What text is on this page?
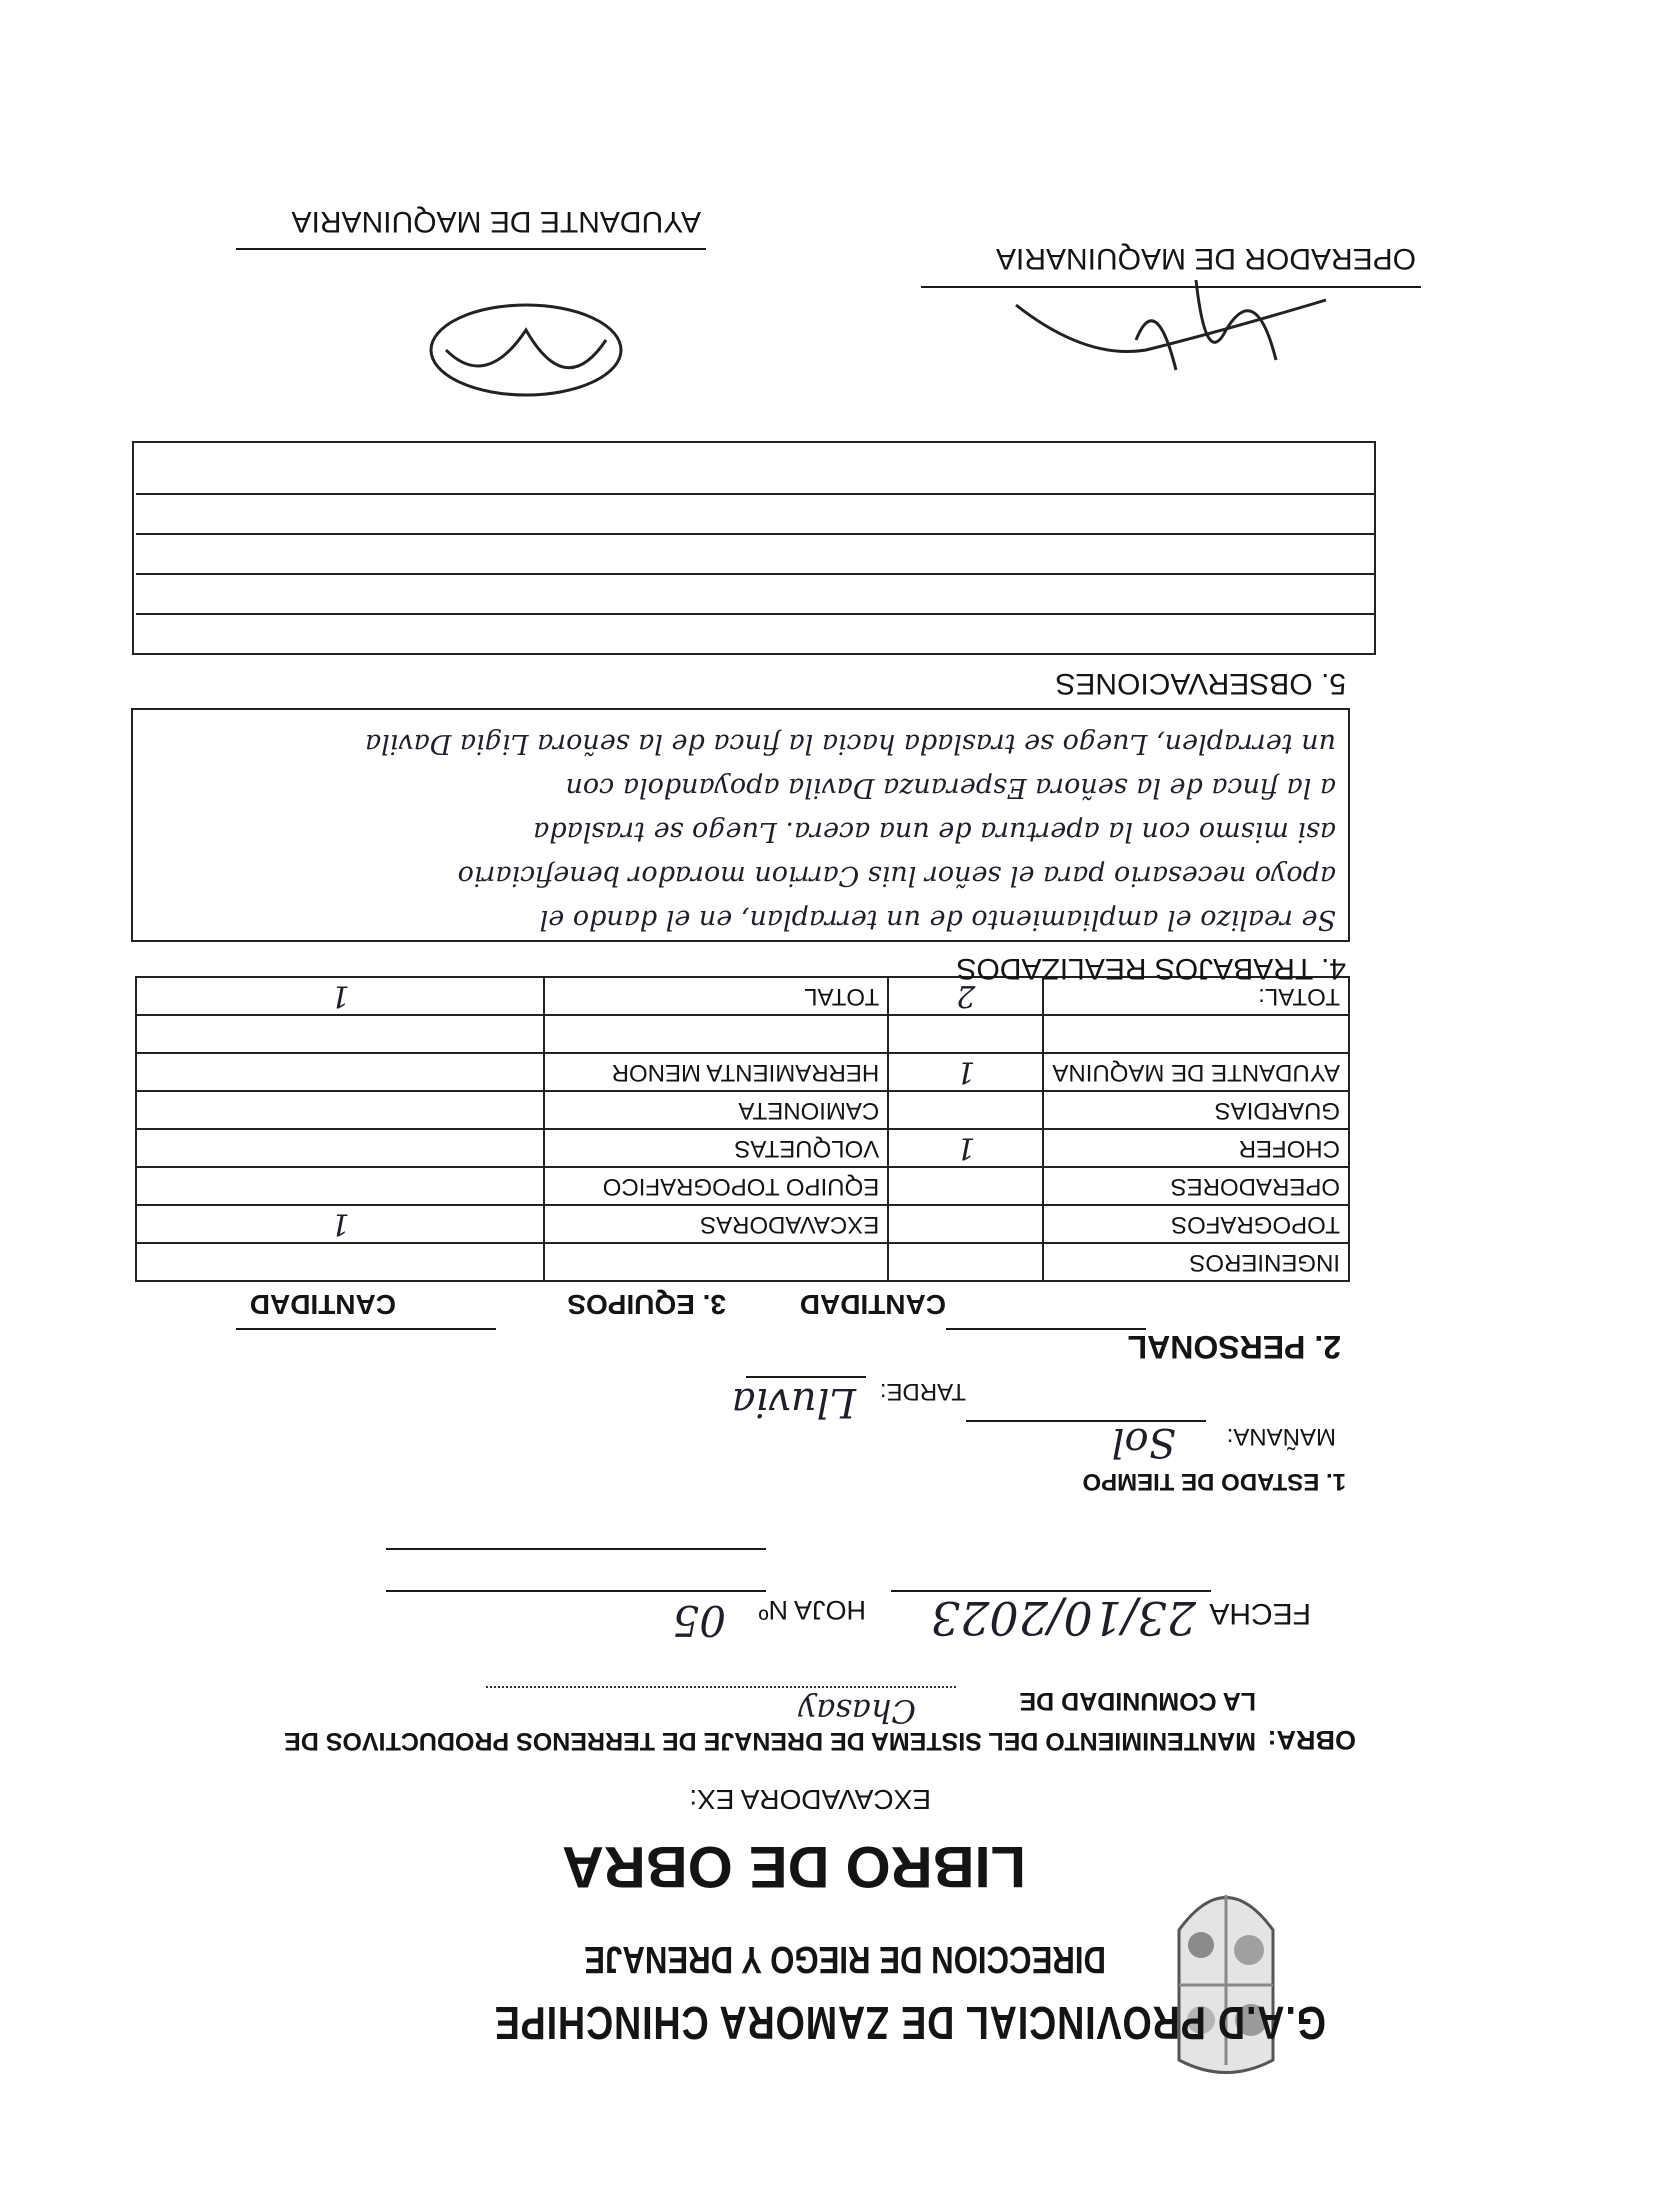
G.A.D PROVINCIAL DE ZAMORA CHINCHIPE
DIRECCION DE RIEGO Y DRENAJE
LIBRO DE OBRA
EXCAVADORA EX:
OBRA:
MANTENIMIENTO DEL SISTEMA DE DRENAJE DE TERRENOS PRODUCTIVOS DE
LA COMUNIDAD DE
Chasay
FECHA
23/10/2023
HOJA Nº
05
1. ESTADO DE TIEMPO
MAÑANA:
Sol
TARDE:
Lluvia
2. PERSONAL
CANTIDAD
3. EQUIPOS
CANTIDAD
INGENIEROS			
TOPOGRAFOS		EXCAVADORAS	1
OPERADORES		EQUIPO TOPOGRAFICO	
CHOFER	1	VOLQUETAS	
GUARDIAS		CAMIONETA	
AYUDANTE DE MAQUINA	1	HERRAMIENTA MENOR	

TOTAL:	2	TOTAL	1
4. TRABAJOS REALIZADOS
Se realizo el ampliamiento de un terraplan, en el dando el
apoyo necesario para el señor luis Carrion morador beneficiario
asi mismo con la apertura de una acera. Luego se traslada
a la finca de la señora Esperanza Davila apoyandola con
un terraplen, Luego se traslada hacia la finca de la señora Ligia Davila
5. OBSERVACIONES
OPERADOR DE MAQUINARIA
AYUDANTE DE MAQUINARIA
